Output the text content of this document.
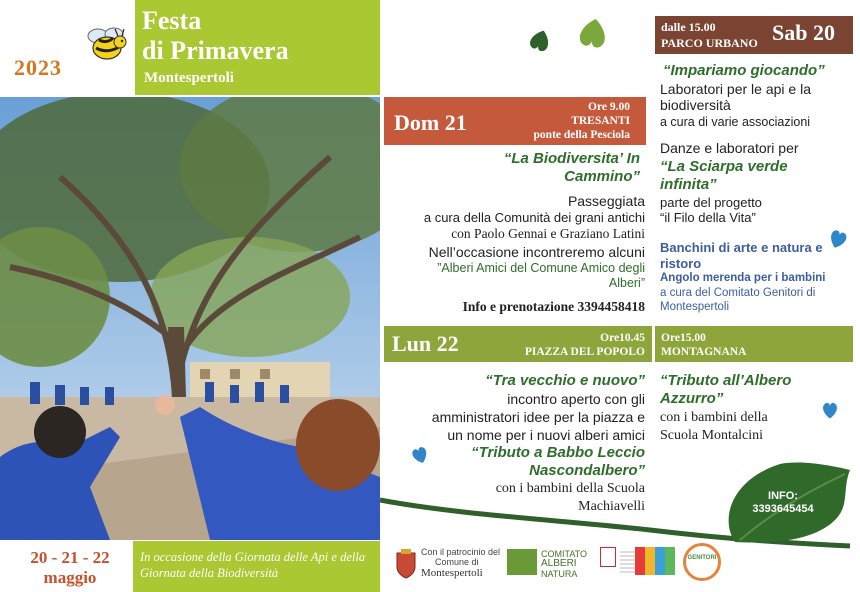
2023
Festa
di Primavera
Montespertoli
20 - 21 - 22
maggio
In occasione della Giornata delle Api e della Giornata della Biodiversità
dalle 15.00
PARCO URBANO Sab 20
“Impariamo giocando”
Laboratori per le api e la biodiversità
a cura di varie associazioni
Danze e laboratori per
“La Sciarpa verde infinita”
parte del progetto
“il Filo della Vita”
Banchini di arte e natura e ristoro
Angolo merenda per i bambini
a cura del Comitato Genitori di Montespertoli
Dom 21
Ore 9.00
TRESANTI
ponte della Pesciola
“La Biodiversita’ In Cammino”
Passeggiata
a cura della Comunità dei grani antichi
con Paolo Gennai e Graziano Latini
Nell’occasione incontreremo alcuni
”Alberi Amici del Comune Amico degli Alberi”
Info e prenotazione 3394458418
Lun 22	Ore10.45
PIAZZA DEL POPOLO
“Tra vecchio e nuovo”
incontro aperto con gli
amministratori idee per la piazza e
un nome per i nuovi alberi amici
“Tributo a Babbo Leccio Nascondalbero”
con i bambini della Scuola
Machiavelli
Ore15.00
MONTAGNANA
“Tributo all’Albero Azzurro”
con i bambini della
Scuola Montalcini
INFO:
3393645454
Con il patrocinio del
Comune di
Montespertoli
COMITATO
ALBERI
NATURA
GENITORI
